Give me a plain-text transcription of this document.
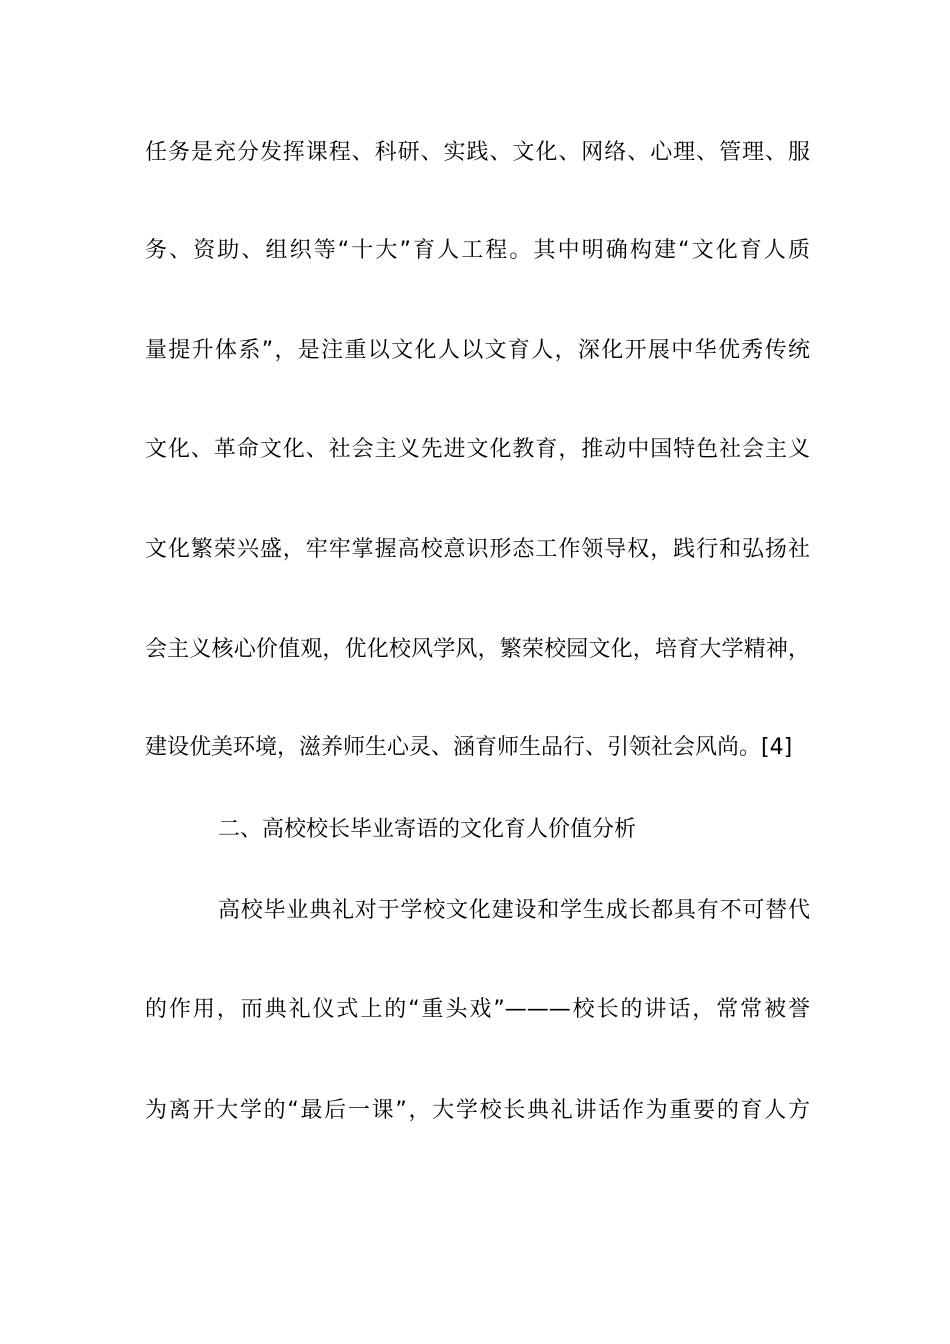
任务是充分发挥课程、科研、实践、文化、网络、心理、管理、服
务、资助、组织等“十大”育人工程。其中明确构建“文化育人质
量提升体系”，是注重以文化人以文育人，深化开展中华优秀传统
文化、革命文化、社会主义先进文化教育，推动中国特色社会主义
文化繁荣兴盛，牢牢掌握高校意识形态工作领导权，践行和弘扬社
会主义核心价值观，优化校风学风，繁荣校园文化，培育大学精神，
建设优美环境，滋养师生心灵、涵育师生品行、引领社会风尚。[4]
二、高校校长毕业寄语的文化育人价值分析
高校毕业典礼对于学校文化建设和学生成长都具有不可替代
的作用，而典礼仪式上的“重头戏”———校长的讲话，常常被誉
为离开大学的“最后一课”，大学校长典礼讲话作为重要的育人方
